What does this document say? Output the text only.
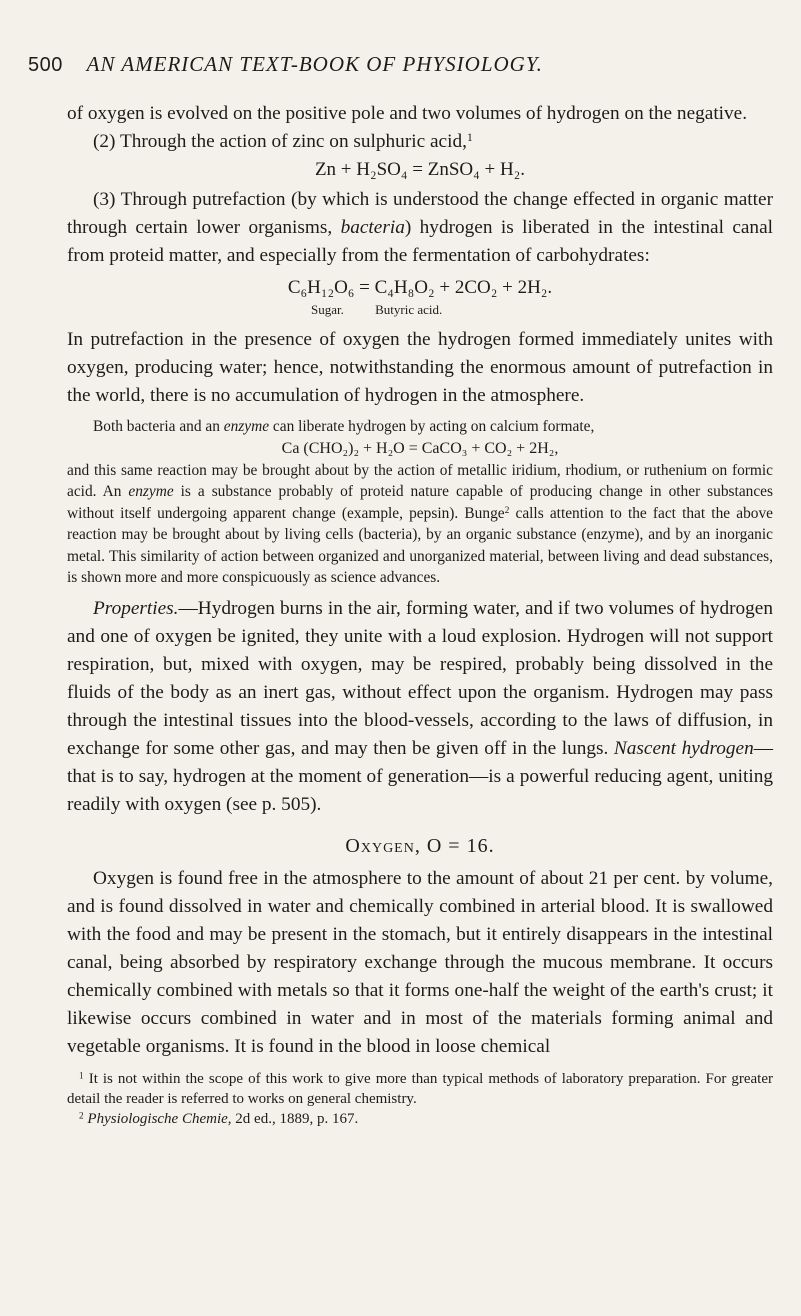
500 AN AMERICAN TEXT-BOOK OF PHYSIOLOGY.

of oxygen is evolved on the positive pole and two volumes of hydrogen on the negative.

(2) Through the action of zinc on sulphuric acid,$^1$

Zn + H₂SO₄ = ZnSO₄ + H₂.

(3) Through putrefaction (by which is understood the change effected in organic matter through certain lower organisms, bacteria) hydrogen is liberated in the intestinal canal from proteid matter, and especially from the fermentation of carbohydrates:

C₆H₁₂O₆ = C₄H₈O₂ + 2CO₂ + 2H₂.

Sugar. Butyric acid.

In putrefaction in the presence of oxygen the hydrogen formed immediately unites with oxygen, producing water; hence, notwithstanding the enormous amount of putrefaction in the world, there is no accumulation of hydrogen in the atmosphere.

Both bacteria and an enzyme can liberate hydrogen by acting on calcium formate,

Ca (CHO₂)₂ + H₂O = CaCO₃ + CO₂ + 2H₂,

and this same reaction may be brought about by the action of metallic iridium, rhodium, or ruthenium on formic acid. An enzyme is a substance probably of proteid nature capable of producing change in other substances without itself undergoing apparent change (example, pepsin). Bunge$^2$ calls attention to the fact that the above reaction may be brought about by living cells (bacteria), by an organic substance (enzyme), and by an inorganic metal. This similarity of action between organized and unorganized material, between living and dead substances, is shown more and more conspicuously as science advances.

Properties.—Hydrogen burns in the air, forming water, and if two volumes of hydrogen and one of oxygen be ignited, they unite with a loud explosion. Hydrogen will not support respiration, but, mixed with oxygen, may be respired, probably being dissolved in the fluids of the body as an inert gas, without effect upon the organism. Hydrogen may pass through the intestinal tissues into the blood-vessels, according to the laws of diffusion, in exchange for some other gas, and may then be given off in the lungs. Nascent hydrogen—that is to say, hydrogen at the moment of generation—is a powerful reducing agent, uniting readily with oxygen (see p. 505).

Oxygen, O = 16.

Oxygen is found free in the atmosphere to the amount of about 21 per cent. by volume, and is found dissolved in water and chemically combined in arterial blood. It is swallowed with the food and may be present in the stomach, but it entirely disappears in the intestinal canal, being absorbed by respiratory exchange through the mucous membrane. It occurs chemically combined with metals so that it forms one-half the weight of the earth's crust; it likewise occurs combined in water and in most of the materials forming animal and vegetable organisms. It is found in the blood in loose chemical

$^1$ It is not within the scope of this work to give more than typical methods of laboratory preparation. For greater detail the reader is referred to works on general chemistry.

$^2$ Physiologische Chemie, 2d ed., 1889, p. 167.
